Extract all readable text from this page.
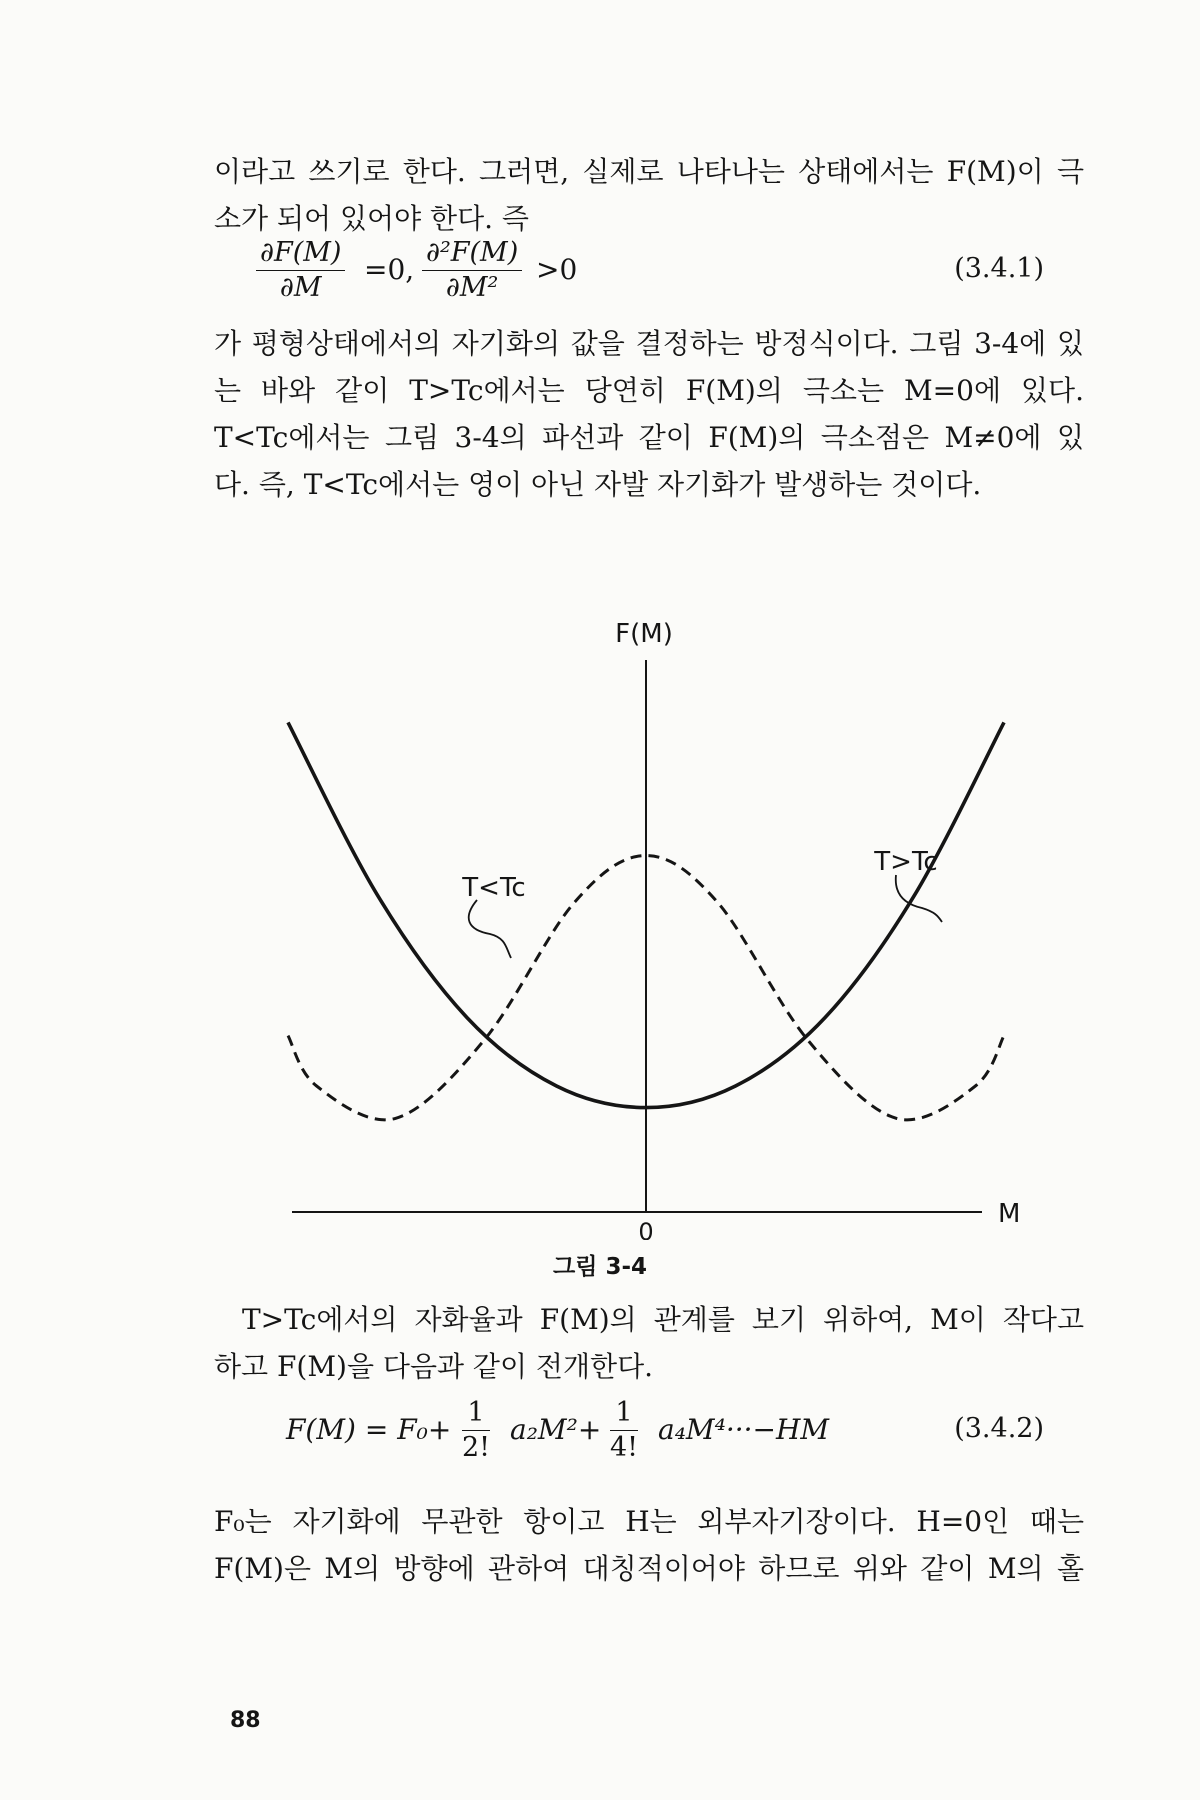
이라고 쓰기로 한다. 그러면, 실제로 나타나는 상태에서는 F(M)이 극

소가 되어 있어야 한다. 즉

$\frac{\partial F(M)}{\partial M} =0$, $\frac{\text{∂²F(M)}}{\text{∂M²}} >0$	(3.4.1)

가 평형상태에서의 자기화의 값을 결정하는 방정식이다. 그림 3-4에 있
는 바와 같이 T>Tc에서는 당연히 F(M)의 극소는 M=0에 있다.
T<Tc에서는 그림 3-4의 파선과 같이 F(M)의 극소점은 M≠0에 있

다. 즉, T<Tc에서는 영이 아닌 자발 자기화가 발생하는 것이다.

F(M)
M
0
T<Tc
T>Tc
그림 3-4

T>Tc에서의 자화율과 F(M)의 관계를 보기 위하여, M이 작다고

하고 F(M)을 다음과 같이 전개한다.

$F(M) = F_0+ \frac{1}{2!} a_2M^2+ \frac{1}{4!} a_4M^4\cdot\cdot\cdot-HM$	(3.4.2)

F₀는 자기화에 무관한 항이고 H는 외부자기장이다. H=0인 때는
F(M)은 M의 방향에 관하여 대칭적이어야 하므로 위와 같이 M의 홀

88
